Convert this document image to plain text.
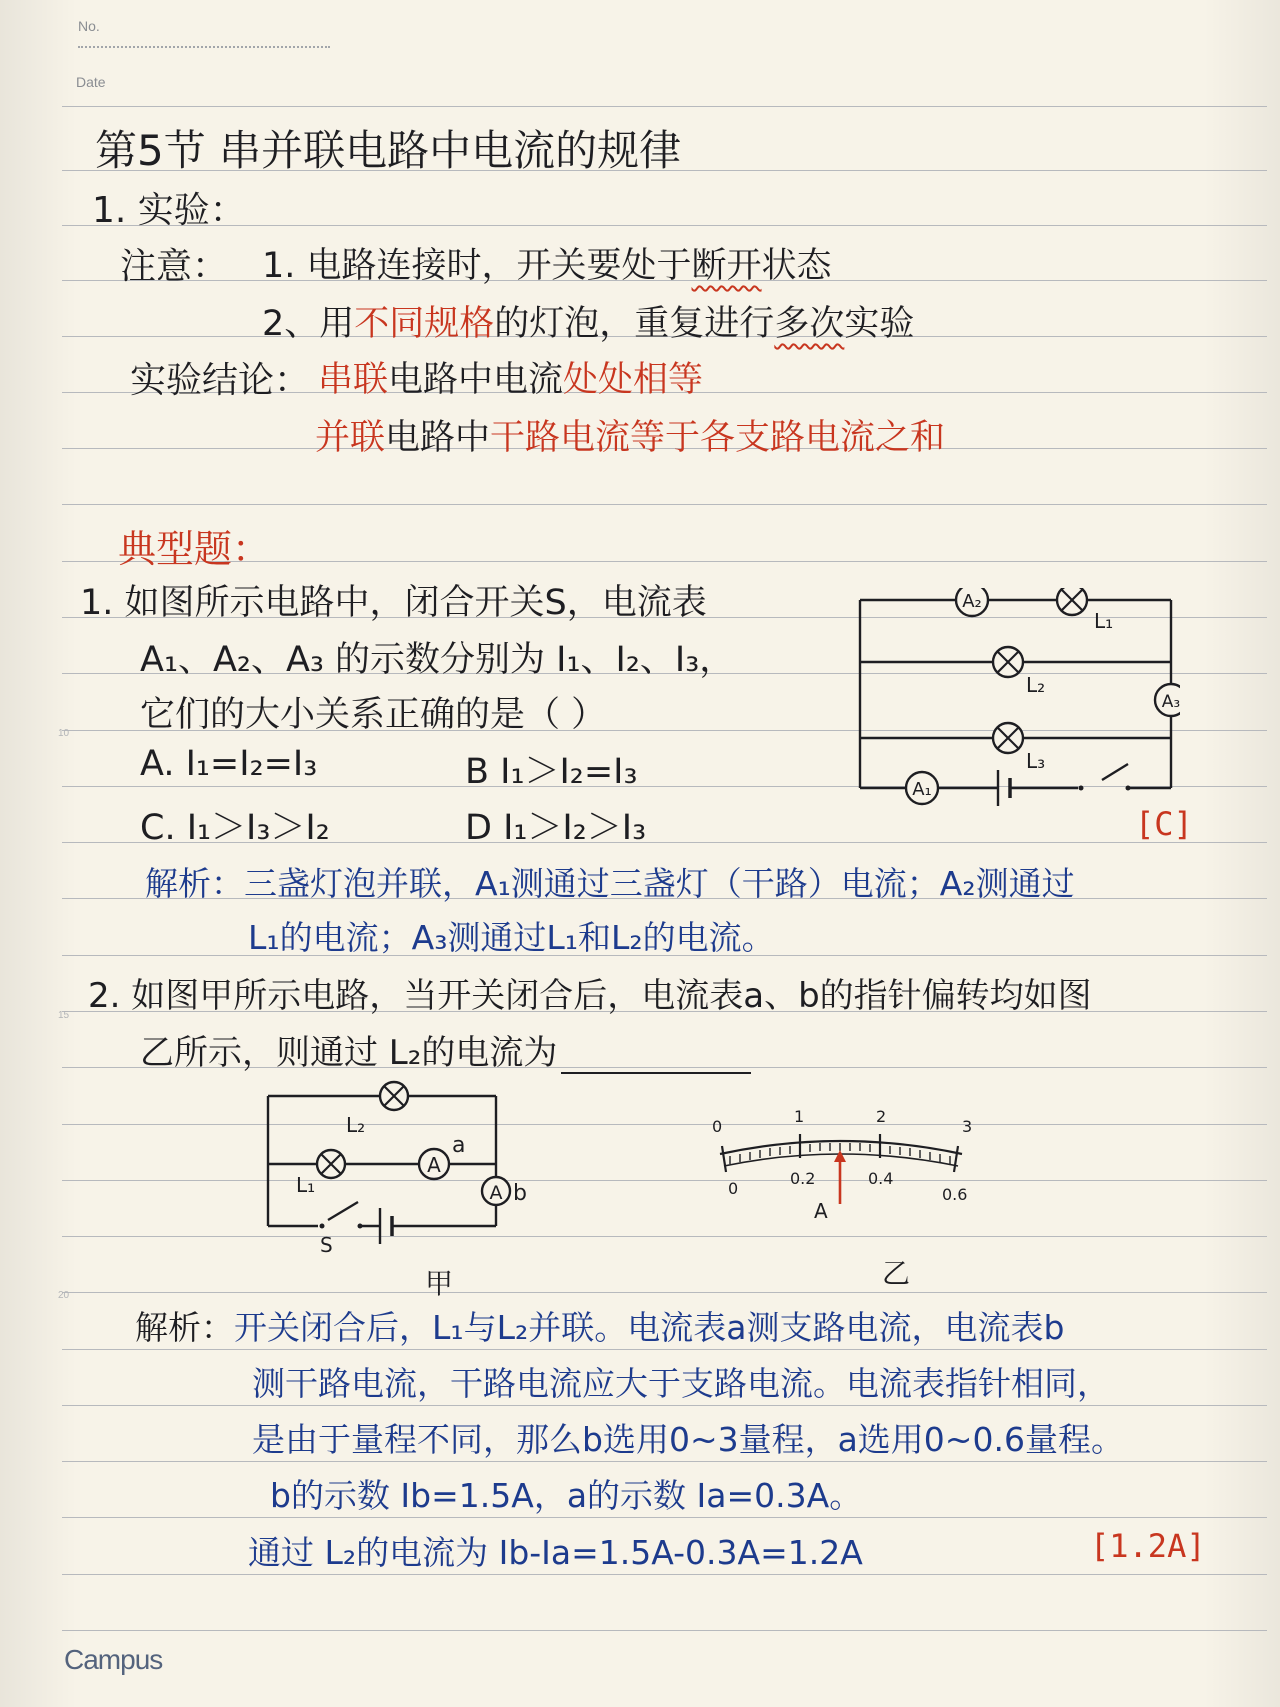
No.
Date
10
15
20
第5节 串并联电路中电流的规律
1. 实验：
注意： 1. 电路连接时，开关要处于断开状态
2、用不同规格的灯泡，重复进行多次实验
实验结论： 串联电路中电流处处相等
并联电路中干路电流等于各支路电流之和
典型题：
1. 如图所示电路中，闭合开关S，电流表
A₁、A₂、A₃ 的示数分别为 I₁、I₂、I₃，
它们的大小关系正确的是（ ）
A. I₁=I₂=I₃	B I₁＞I₂=I₃
C. I₁＞I₃＞I₂	D I₁＞I₂＞I₃	[C]
A₂
L₁
L₂
A₃
L₃
A₁
解析：三盏灯泡并联，A₁测通过三盏灯（干路）电流；A₂测通过
L₁的电流；A₃测通过L₁和L₂的电流。
2. 如图甲所示电路，当开关闭合后，电流表a、b的指针偏转均如图
乙所示，则通过 L₂的电流为
L₂
L₁
A
a
A b
S
甲
0
1	2
3
0
0.2	0.4
0.6
A
乙
解析：开关闭合后，L₁与L₂并联。电流表a测支路电流，电流表b
测干路电流，干路电流应大于支路电流。电流表指针相同，
是由于量程不同，那么b选用0~3量程，a选用0~0.6量程。
b的示数 Ib=1.5A，a的示数 Ia=0.3A。
通过 L₂的电流为 Ib-Ia=1.5A-0.3A=1.2A	[1.2A]
Campus
